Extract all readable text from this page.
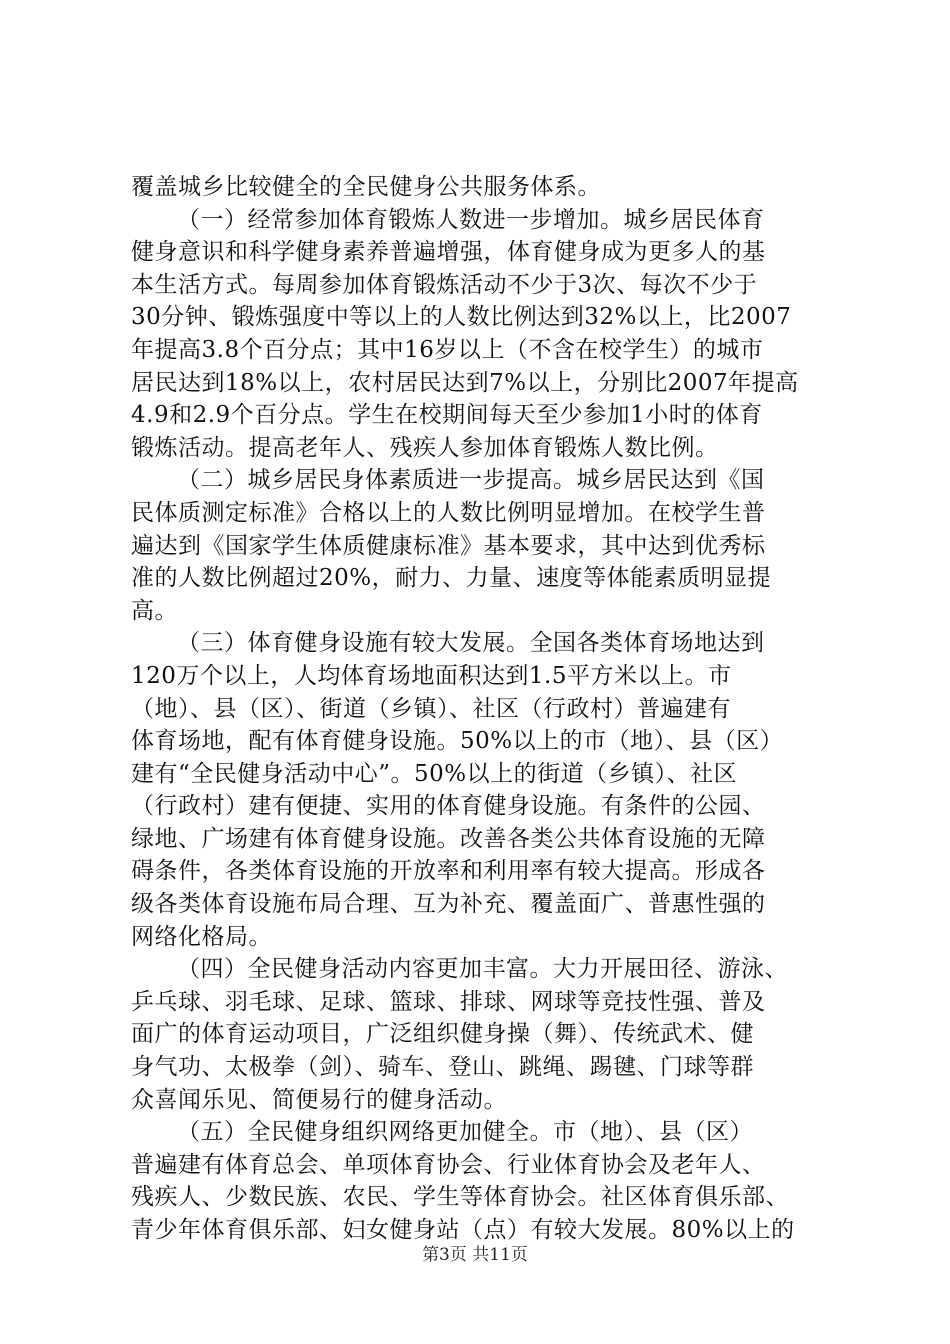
覆盖城乡比较健全的全民健身公共服务体系。
（一）经常参加体育锻炼人数进一步增加。城乡居民体育
健身意识和科学健身素养普遍增强，体育健身成为更多人的基
本生活方式。每周参加体育锻炼活动不少于3次、每次不少于
30分钟、锻炼强度中等以上的人数比例达到32%以上，比2007
年提高3.8个百分点；其中16岁以上（不含在校学生）的城市
居民达到18%以上，农村居民达到7%以上，分别比2007年提高
4.9和2.9个百分点。学生在校期间每天至少参加1小时的体育
锻炼活动。提高老年人、残疾人参加体育锻炼人数比例。
（二）城乡居民身体素质进一步提高。城乡居民达到《国
民体质测定标准》合格以上的人数比例明显增加。在校学生普
遍达到《国家学生体质健康标准》基本要求，其中达到优秀标
准的人数比例超过20%，耐力、力量、速度等体能素质明显提
高。
（三）体育健身设施有较大发展。全国各类体育场地达到
120万个以上，人均体育场地面积达到1.5平方米以上。市
（地）、县（区）、街道（乡镇）、社区（行政村）普遍建有
体育场地，配有体育健身设施。50%以上的市（地）、县（区）
建有“全民健身活动中心”。50%以上的街道（乡镇）、社区
（行政村）建有便捷、实用的体育健身设施。有条件的公园、
绿地、广场建有体育健身设施。改善各类公共体育设施的无障
碍条件，各类体育设施的开放率和利用率有较大提高。形成各
级各类体育设施布局合理、互为补充、覆盖面广、普惠性强的
网络化格局。
（四）全民健身活动内容更加丰富。大力开展田径、游泳、
乒乓球、羽毛球、足球、篮球、排球、网球等竞技性强、普及
面广的体育运动项目，广泛组织健身操（舞）、传统武术、健
身气功、太极拳（剑）、骑车、登山、跳绳、踢毽、门球等群
众喜闻乐见、简便易行的健身活动。
（五）全民健身组织网络更加健全。市（地）、县（区）
普遍建有体育总会、单项体育协会、行业体育协会及老年人、
残疾人、少数民族、农民、学生等体育协会。社区体育俱乐部、
青少年体育俱乐部、妇女健身站（点）有较大发展。80%以上的
第3页 共11页
